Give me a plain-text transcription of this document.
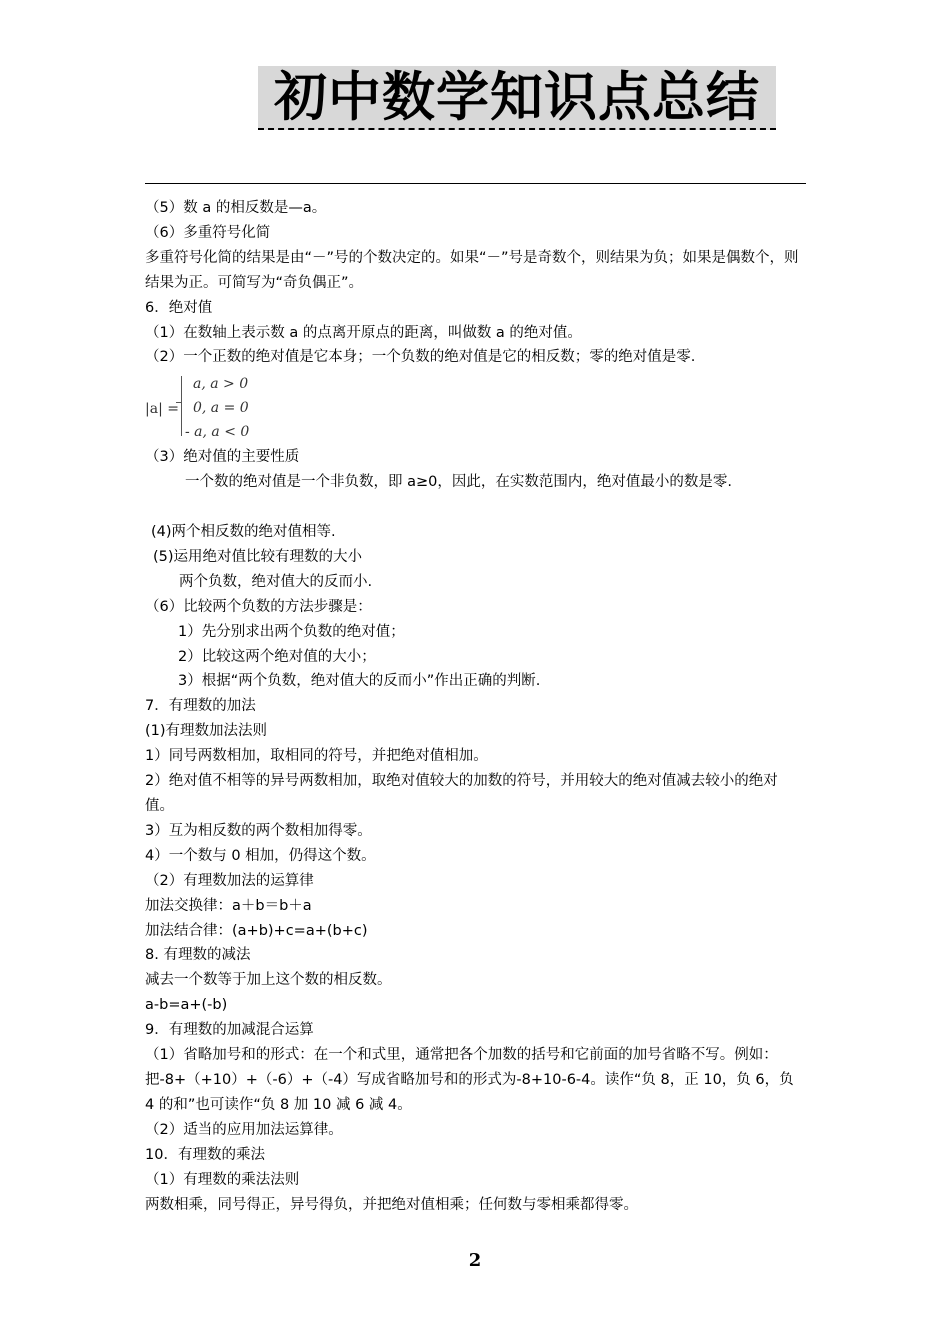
初中数学知识点总结

（5）数 a 的相反数是—a。

（6）多重符号化简

多重符号化简的结果是由“－”号的个数决定的。如果“－”号是奇数个，则结果为负；如果是偶数个，则结果为正。可简写为“奇负偶正”。

6．绝对值

（1）在数轴上表示数 a 的点离开原点的距离，叫做数 a 的绝对值。

（2）一个正数的绝对值是它本身；一个负数的绝对值是它的相反数；零的绝对值是零.

|a| =
a, a > 0
0, a = 0
- a, a < 0

（3）绝对值的主要性质

一个数的绝对值是一个非负数，即 a≥0，因此，在实数范围内，绝对值最小的数是零.

(4)两个相反数的绝对值相等.

(5)运用绝对值比较有理数的大小

两个负数，绝对值大的反而小.

（6）比较两个负数的方法步骤是：

1）先分别求出两个负数的绝对值；

2）比较这两个绝对值的大小；

3）根据“两个负数，绝对值大的反而小”作出正确的判断.

7．有理数的加法

(1)有理数加法法则

1）同号两数相加，取相同的符号，并把绝对值相加。

2）绝对值不相等的异号两数相加，取绝对值较大的加数的符号，并用较大的绝对值减去较小的绝对值。

3）互为相反数的两个数相加得零。

4）一个数与 0 相加，仍得这个数。

（2）有理数加法的运算律

加法交换律：a＋b＝b＋a

加法结合律：(a+b)+c=a+(b+c)

8. 有理数的减法

减去一个数等于加上这个数的相反数。

a-b=a+(-b)

9．有理数的加减混合运算

（1）省略加号和的形式：在一个和式里，通常把各个加数的括号和它前面的加号省略不写。例如：把-8+（+10）+（-6）+（-4）写成省略加号和的形式为-8+10-6-4。读作“负 8，正 10，负 6，负 4 的和”也可读作“负 8 加 10 减 6 减 4。

（2）适当的应用加法运算律。

10．有理数的乘法

（1）有理数的乘法法则

两数相乘，同号得正，异号得负，并把绝对值相乘；任何数与零相乘都得零。

2
